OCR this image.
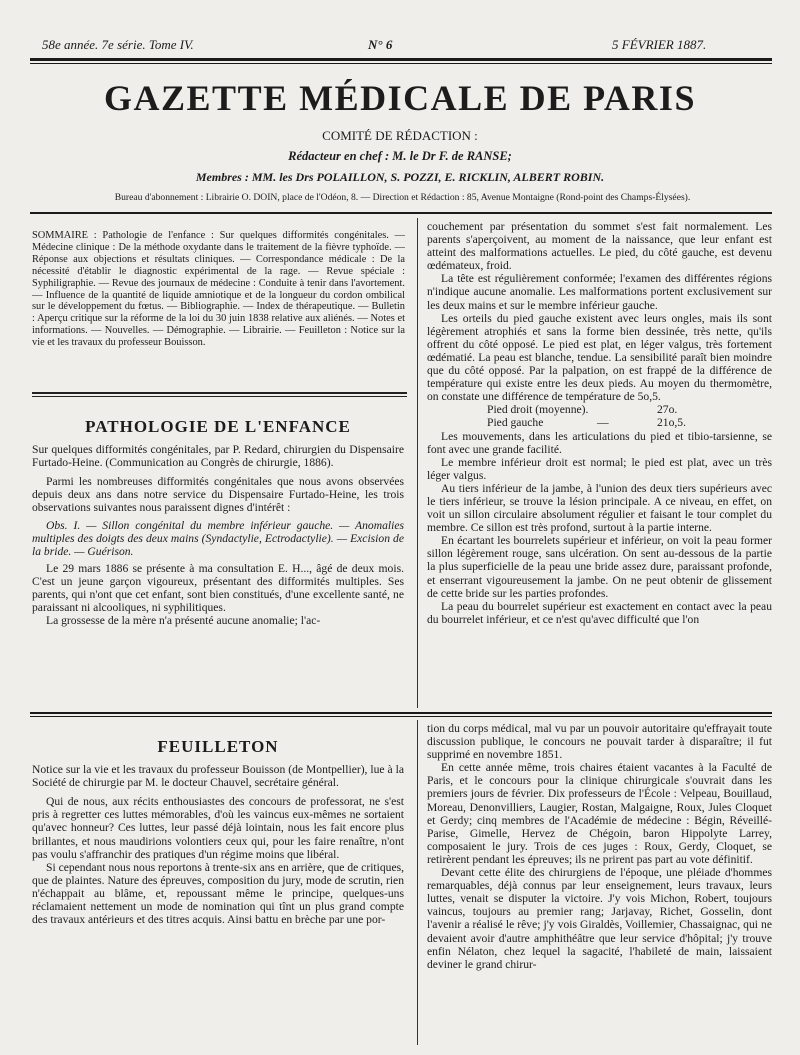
58e année. 7e série. Tome IV.	N° 6	5 FÉVRIER 1887.
GAZETTE MÉDICALE DE PARIS
COMITÉ DE RÉDACTION :
Rédacteur en chef : M. le Dr F. de RANSE;
Membres : MM. les Drs POLAILLON, S. POZZI, E. RICKLIN, ALBERT ROBIN.
Bureau d'abonnement : Librairie O. DOIN, place de l'Odéon, 8. — Direction et Rédaction : 85, Avenue Montaigne (Rond-point des Champs-Élysées).
SOMMAIRE : Pathologie de l'enfance : Sur quelques difformités congénitales. — Médecine clinique : De la méthode oxydante dans le traitement de la fièvre typhoïde. — Réponse aux objections et résultats cliniques. — Correspondance médicale : De la nécessité d'établir le diagnostic expérimental de la rage. — Revue spéciale : Syphiligraphie. — Revue des journaux de médecine : Conduite à tenir dans l'avortement. — Influence de la quantité de liquide amniotique et de la longueur du cordon ombilical sur le développement du fœtus. — Bibliographie. — Index de thérapeutique. — Bulletin : Aperçu critique sur la réforme de la loi du 30 juin 1838 relative aux aliénés. — Notes et informations. — Nouvelles. — Démographie. — Librairie. — Feuilleton : Notice sur la vie et les travaux du professeur Bouisson.
PATHOLOGIE DE L'ENFANCE

Sur quelques difformités congénitales, par P. Redard, chirurgien du Dispensaire Furtado-Heine. (Communication au Congrès de chirurgie, 1886).

Parmi les nombreuses difformités congénitales que nous avons observées depuis deux ans dans notre service du Dispensaire Furtado-Heine, les trois observations suivantes nous paraissent dignes d'intérêt :

Obs. I. — Sillon congénital du membre inférieur gauche. — Anomalies multiples des doigts des deux mains (Syndactylie, Ectrodactylie). — Excision de la bride. — Guérison.

Le 29 mars 1886 se présente à ma consultation E. H..., âgé de deux mois. C'est un jeune garçon vigoureux, présentant des difformités multiples. Ses parents, qui n'ont que cet enfant, sont bien constitués, d'une excellente santé, ne paraissant ni alcooliques, ni syphilitiques.

La grossesse de la mère n'a présenté aucune anomalie; l'ac-

couchement par présentation du sommet s'est fait normalement. Les parents s'aperçoivent, au moment de la naissance, que leur enfant est atteint des malformations actuelles. Le pied, du côté gauche, est devenu œdémateux, froid.

La tête est régulièrement conformée; l'examen des différentes régions n'indique aucune anomalie. Les malformations portent exclusivement sur les deux mains et sur le membre inférieur gauche.

Les orteils du pied gauche existent avec leurs ongles, mais ils sont légèrement atrophiés et sans la forme bien dessinée, très nette, qu'ils offrent du côté opposé. Le pied est plat, en léger valgus, très fortement œdématié. La peau est blanche, tendue. La sensibilité paraît bien moindre que du côté opposé. Par la palpation, on est frappé de la différence de température qui existe entre les deux pieds. Au moyen du thermomètre, on constate une différence de température de 5o,5.

Pied droit (moyenne).	27o.
Pied gauche	—	21o,5.

Les mouvements, dans les articulations du pied et tibio-tarsienne, se font avec une grande facilité.

Le membre inférieur droit est normal; le pied est plat, avec un très léger valgus.

Au tiers inférieur de la jambe, à l'union des deux tiers supérieurs avec le tiers inférieur, se trouve la lésion principale. A ce niveau, en effet, on voit un sillon circulaire absolument régulier et faisant le tour complet du membre. Ce sillon est très profond, surtout à la partie interne.

En écartant les bourrelets supérieur et inférieur, on voit la peau former sillon légèrement rouge, sans ulcération. On sent au-dessous de la partie la plus superficielle de la peau une bride assez dure, paraissant profonde, et enserrant vigoureusement la jambe. On ne peut obtenir de glissement de cette bride sur les parties profondes.

La peau du bourrelet supérieur est exactement en contact avec la peau du bourrelet inférieur, et ce n'est qu'avec difficulté que l'on

FEUILLETON

Notice sur la vie et les travaux du professeur Bouisson (de Montpellier), lue à la Société de chirurgie par M. le docteur Chauvel, secrétaire général.

Qui de nous, aux récits enthousiastes des concours de professorat, ne s'est pris à regretter ces luttes mémorables, d'où les vaincus eux-mêmes ne sortaient qu'avec honneur? Ces luttes, leur passé déjà lointain, nous les fait encore plus brillantes, et nous maudirions volontiers ceux qui, pour les faire renaître, n'ont pas voulu s'affranchir des pratiques d'un régime moins que libéral.

Si cependant nous nous reportons à trente-six ans en arrière, que de critiques, que de plaintes. Nature des épreuves, composition du jury, mode de scrutin, rien n'échappait au blâme, et, repoussant même le principe, quelques-uns réclamaient nettement un mode de nomination qui tînt un plus grand compte des travaux antérieurs et des titres acquis. Ainsi battu en brèche par une por-

tion du corps médical, mal vu par un pouvoir autoritaire qu'effrayait toute discussion publique, le concours ne pouvait tarder à disparaître; il fut supprimé en novembre 1851.

En cette année même, trois chaires étaient vacantes à la Faculté de Paris, et le concours pour la clinique chirurgicale s'ouvrait dans les premiers jours de février. Dix professeurs de l'École : Velpeau, Bouillaud, Moreau, Denonvilliers, Laugier, Rostan, Malgaigne, Roux, Jules Cloquet et Gerdy; cinq membres de l'Académie de médecine : Bégin, Réveillé-Parise, Gimelle, Hervez de Chégoin, baron Hippolyte Larrey, composaient le jury. Trois de ces juges : Roux, Gerdy, Cloquet, se retirèrent pendant les épreuves; ils ne prirent pas part au vote définitif.

Devant cette élite des chirurgiens de l'époque, une pléiade d'hommes remarquables, déjà connus par leur enseignement, leurs travaux, leurs luttes, venait se disputer la victoire. J'y vois Michon, Robert, toujours vaincus, toujours au premier rang; Jarjavay, Richet, Gosselin, dont l'avenir a réalisé le rêve; j'y vois Giraldès, Voillemier, Chassaignac, qui ne devaient avoir d'autre amphithéâtre que leur service d'hôpital; j'y trouve enfin Nélaton, chez lequel la sagacité, l'habileté de main, laissaient deviner le grand chirur-
